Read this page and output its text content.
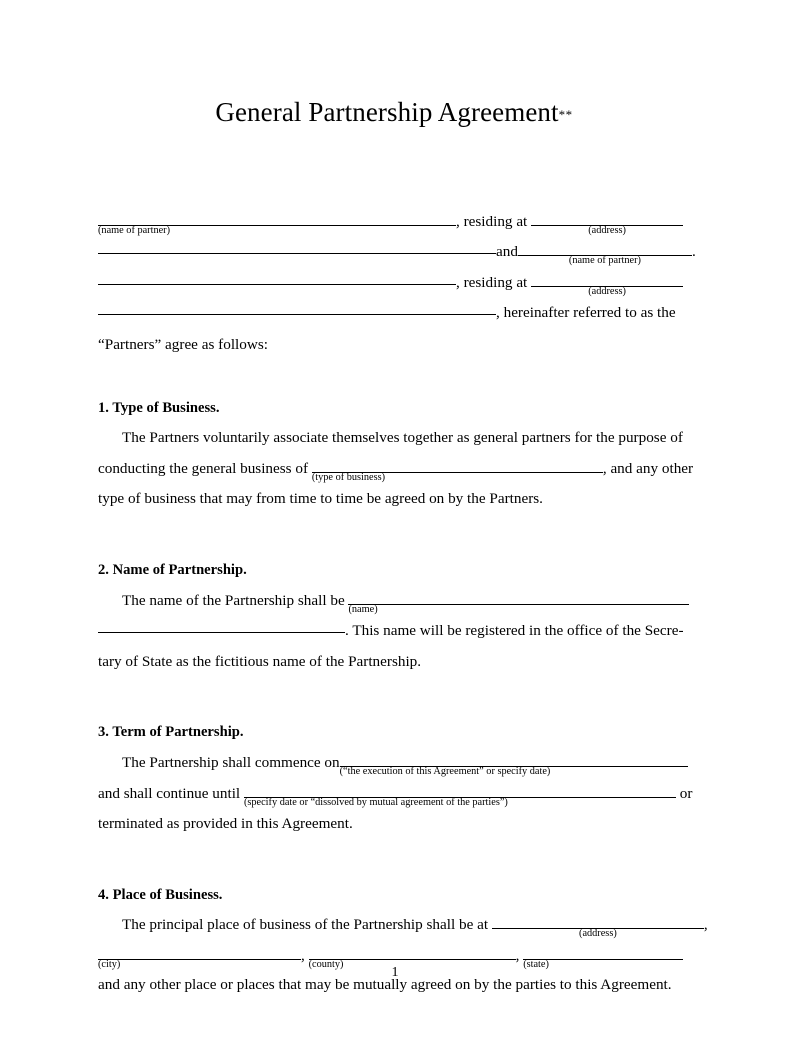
General Partnership Agreement**
(name of partner)
, residing at
(address)
and
(name of partner)
.
, residing at
(address)
, hereinafter referred to as the
“Partners” agree as follows:
1. Type of Business.
The Partners voluntarily associate themselves together as general partners for the purpose of
conducting the general business of
(type of business)
, and any other
type of business that may from time to time be agreed on by the Partners.
2. Name of Partnership.
The name of the Partnership shall be
(name)
. This name will be registered in the office of the Secre-
tary of State as the fictitious name of the Partnership.
3. Term of Partnership.
The Partnership shall commence on
(“the execution of this Agreement” or specify date)
and shall continue until
(specify date or “dissolved by mutual agreement of the parties”)
or
terminated as provided in this Agreement.
4. Place of Business.
The principal place of business of the Partnership shall be at
(address)
,
(city)
,
(county)
,
(state)
and any other place or places that may be mutually agreed on by the parties to this Agreement.
1
